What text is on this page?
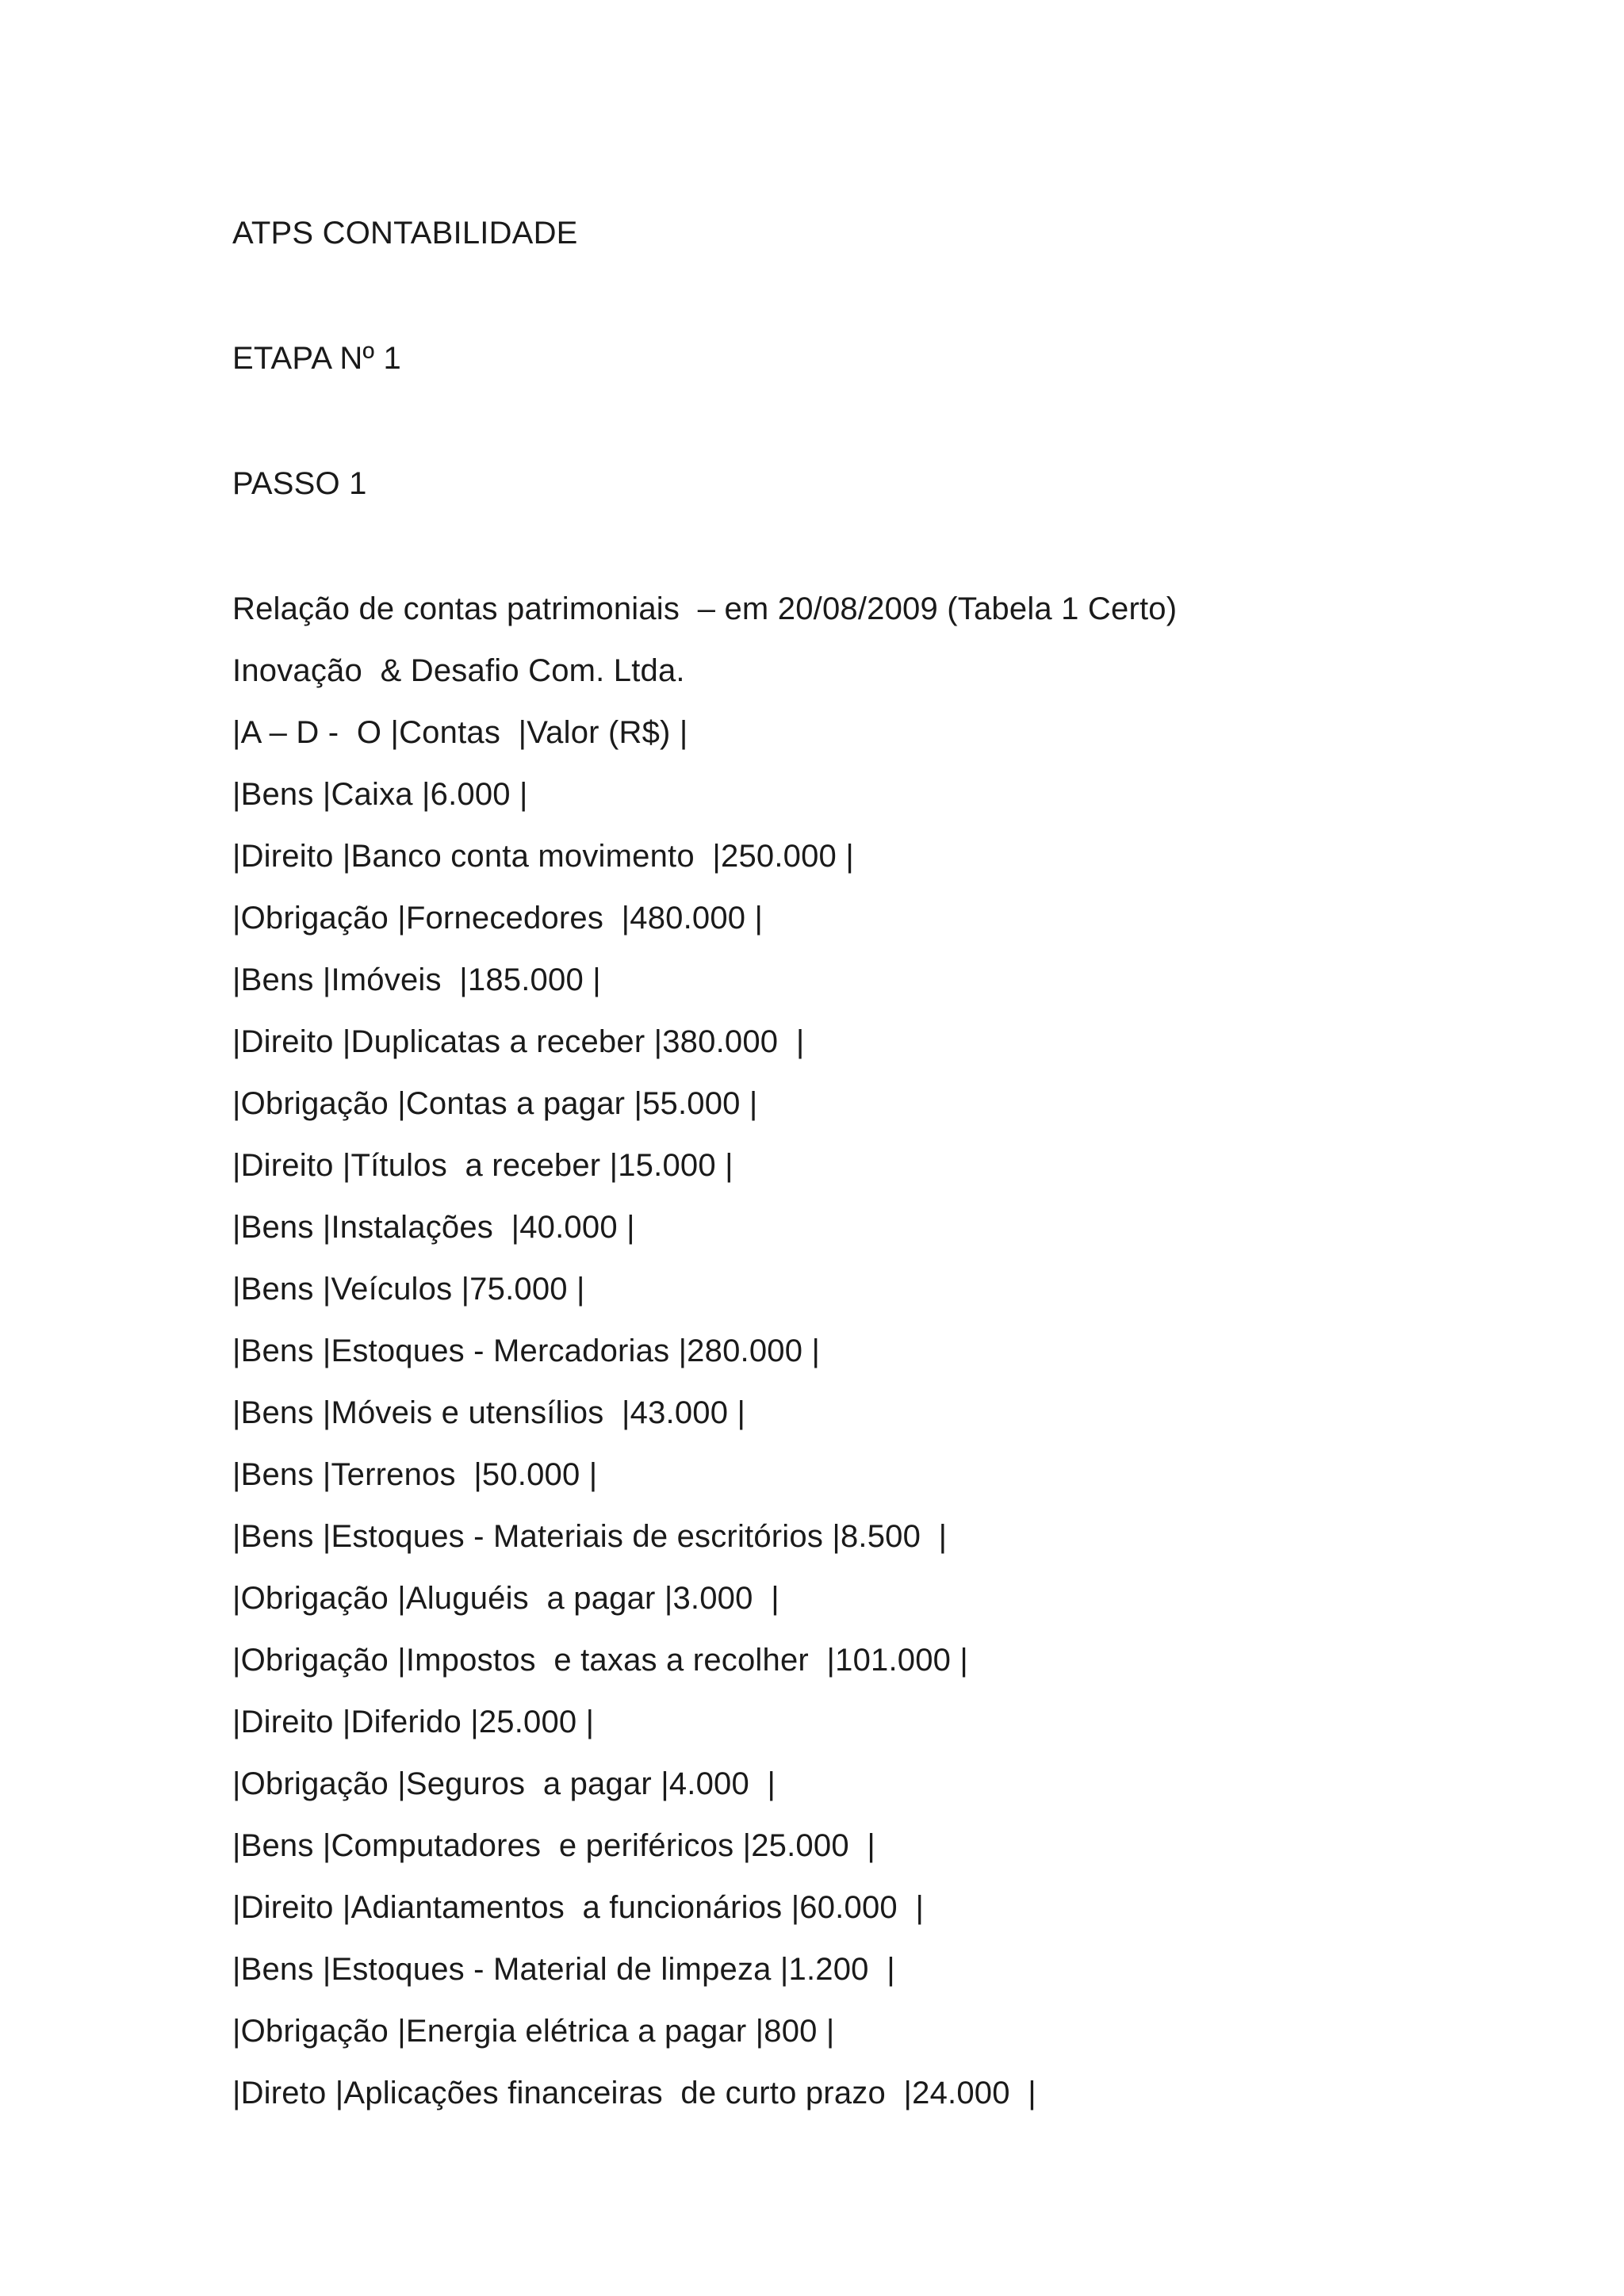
ATPS CONTABILIDADE
ETAPA Nº 1
PASSO 1
Relação de contas patrimoniais  – em 20/08/2009 (Tabela 1 Certo)
Inovação  & Desafio Com. Ltda.
|A – D -  O |Contas  |Valor (R$) |
|Bens |Caixa |6.000 |
|Direito |Banco conta movimento  |250.000 |
|Obrigação |Fornecedores  |480.000 |
|Bens |Imóveis  |185.000 |
|Direito |Duplicatas a receber |380.000  |
|Obrigação |Contas a pagar |55.000 |
|Direito |Títulos  a receber |15.000 |
|Bens |Instalações  |40.000 |
|Bens |Veículos |75.000 |
|Bens |Estoques - Mercadorias |280.000 |
|Bens |Móveis e utensílios  |43.000 |
|Bens |Terrenos  |50.000 |
|Bens |Estoques - Materiais de escritórios |8.500  |
|Obrigação |Aluguéis  a pagar |3.000  |
|Obrigação |Impostos  e taxas a recolher  |101.000 |
|Direito |Diferido |25.000 |
|Obrigação |Seguros  a pagar |4.000  |
|Bens |Computadores  e periféricos |25.000  |
|Direito |Adiantamentos  a funcionários |60.000  |
|Bens |Estoques - Material de limpeza |1.200  |
|Obrigação |Energia elétrica a pagar |800 |
|Direto |Aplicações financeiras  de curto prazo  |24.000  |
